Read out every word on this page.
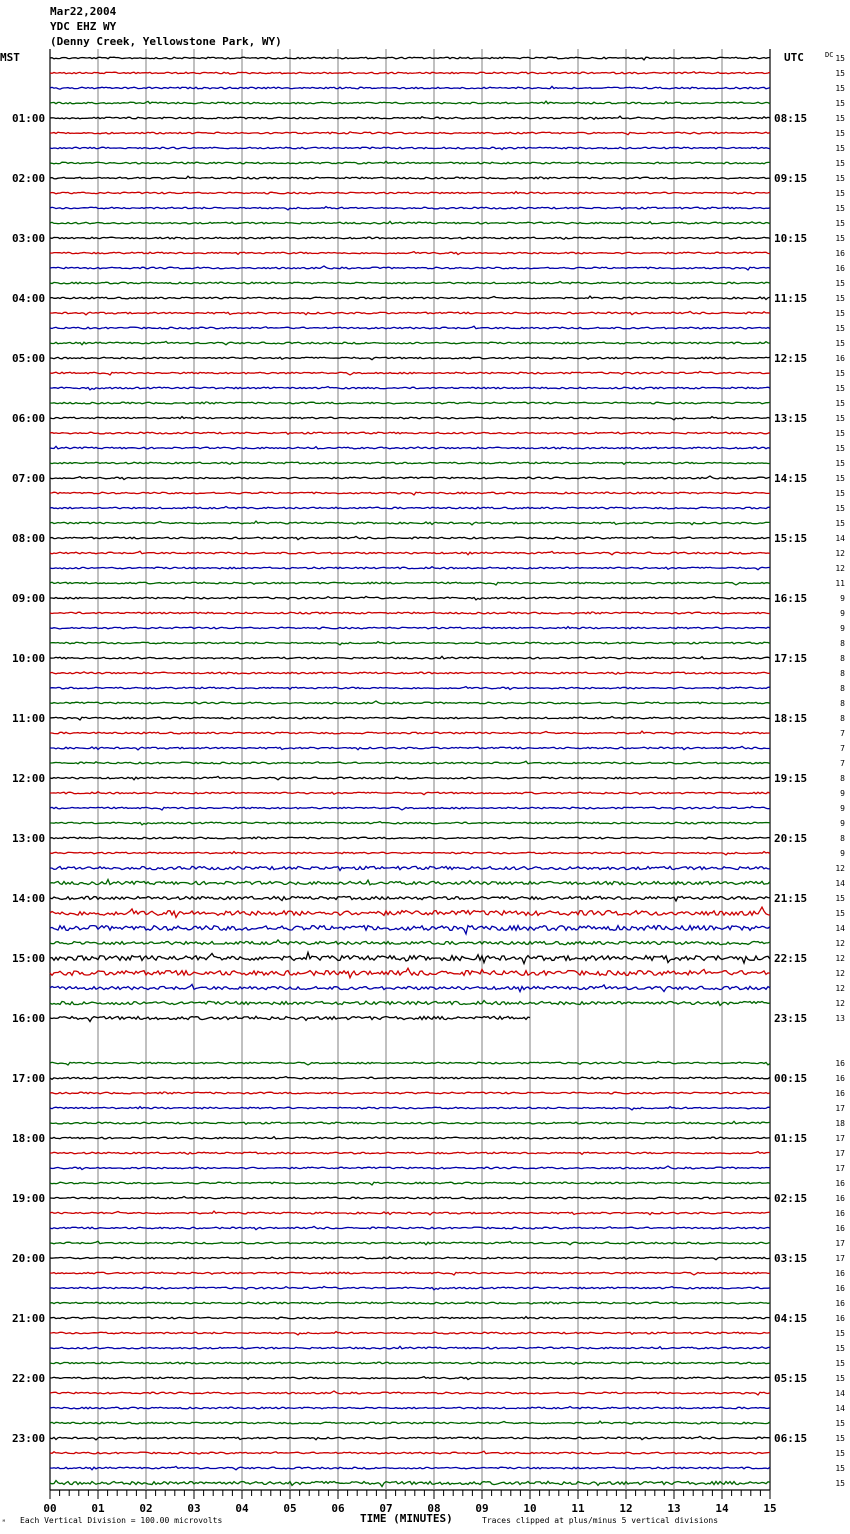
Mar22,2004
YDC EHZ WY
(Denny Creek, Yellowstone Park, WY)
MST	UTC	DC
01:00
02:00
03:00
04:00
05:00
06:00
07:00
08:00
09:00
10:00
11:00
12:00
13:00
14:00
15:00
16:00
17:00
18:00
19:00
20:00
21:00
22:00
23:00
08:15
09:15
10:15
11:15
12:15
13:15
14:15
15:15
16:15
17:15
18:15
19:15
20:15
21:15
22:15
23:15
00:15
01:15
02:15
03:15
04:15
05:15
06:15
15
15
15
15
15
15
15
15
15
15
15
15
15
16
16
15
15
15
15
15
16
15
15
15
15
15
15
15
15
15
15
15
14
12
12
11
9
9
9
8
8
8
8
8
8
7
7
7
8
9
9
9
8
9
12
14
15
15
14
12
12
12
12
12
13
16
16
16
17
18
17
17
17
16
16
16
16
17
17
16
16
16
16
15
15
15
15
14
14
15
15
15
15
15
00	01	02	03	04	05	06	07	08	09	10	11	12	13	14	15
TIME (MINUTES)
ᴹ Each Vertical Division = 100.00 microvolts	Traces clipped at plus/minus 5 vertical divisions
